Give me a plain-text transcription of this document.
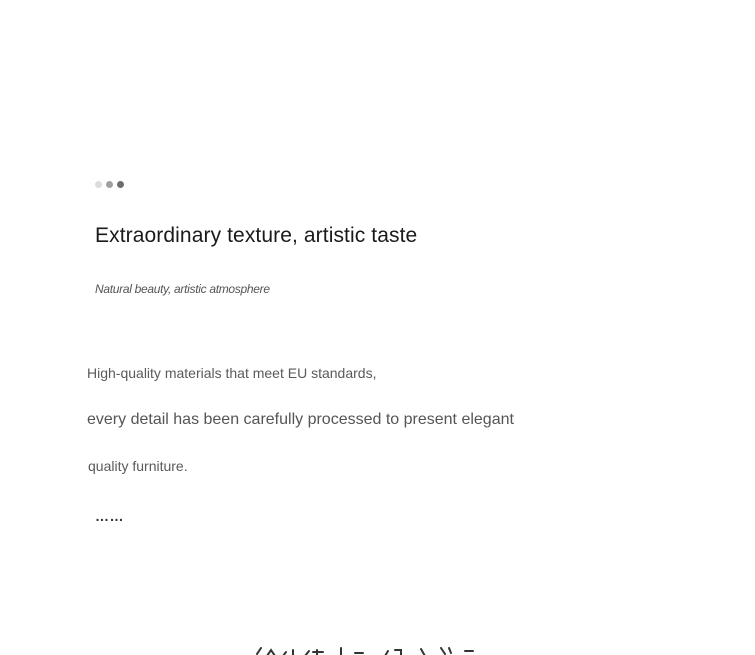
Extraordinary texture, artistic taste

Natural beauty, artistic atmosphere

High-quality materials that meet EU standards,

every detail has been carefully processed to present elegant

quality furniture.

……
